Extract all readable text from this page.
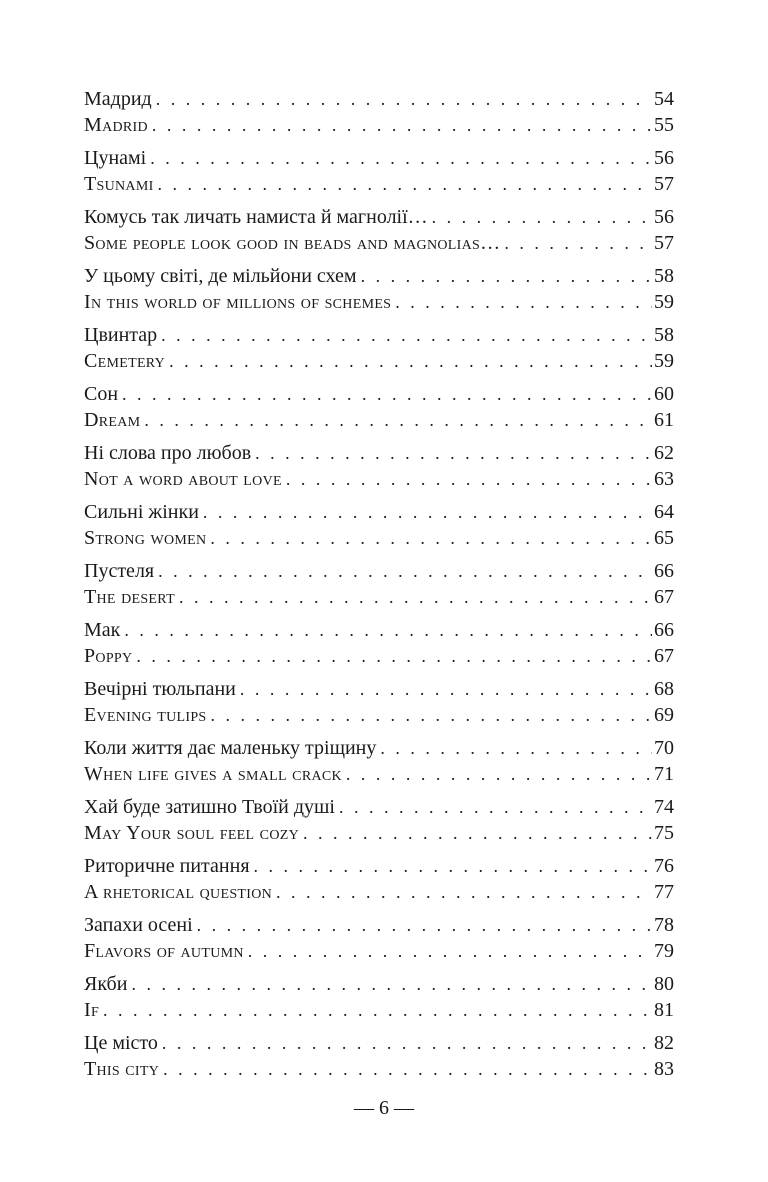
Мадрид . . .	54
Madrid . . .	55
Цунамі . . .	56
Tsunami . . .	57
Комусь так личать намиста й магнолії… . . .	56
Some people look good in beads and magnolias… . . .	57
У цьому світі, де мільйони схем . . .	58
In this world of millions of schemes . . .	59
Цвинтар . . .	58
Cemetery . . .	59
Сон . . .	60
Dream . . .	61
Ні слова про любов . . .	62
Not a word about love . . .	63
Сильні жінки . . .	64
Strong women . . .	65
Пустеля . . .	66
The desert . . .	67
Мак . . .	66
Poppy . . .	67
Вечірні тюльпани . . .	68
Evening tulips . . .	69
Коли життя дає маленьку тріщину . . .	70
When life gives a small crack . . .	71
Хай буде затишно Твоїй душі . . .	74
May Your soul feel cozy . . .	75
Риторичне питання . . .	76
A rhetorical question . . .	77
Запахи осені . . .	78
Flavors of autumn . . .	79
Якби . . .	80
If . . .	81
Це місто . . .	82
This city . . .	83
— 6 —
